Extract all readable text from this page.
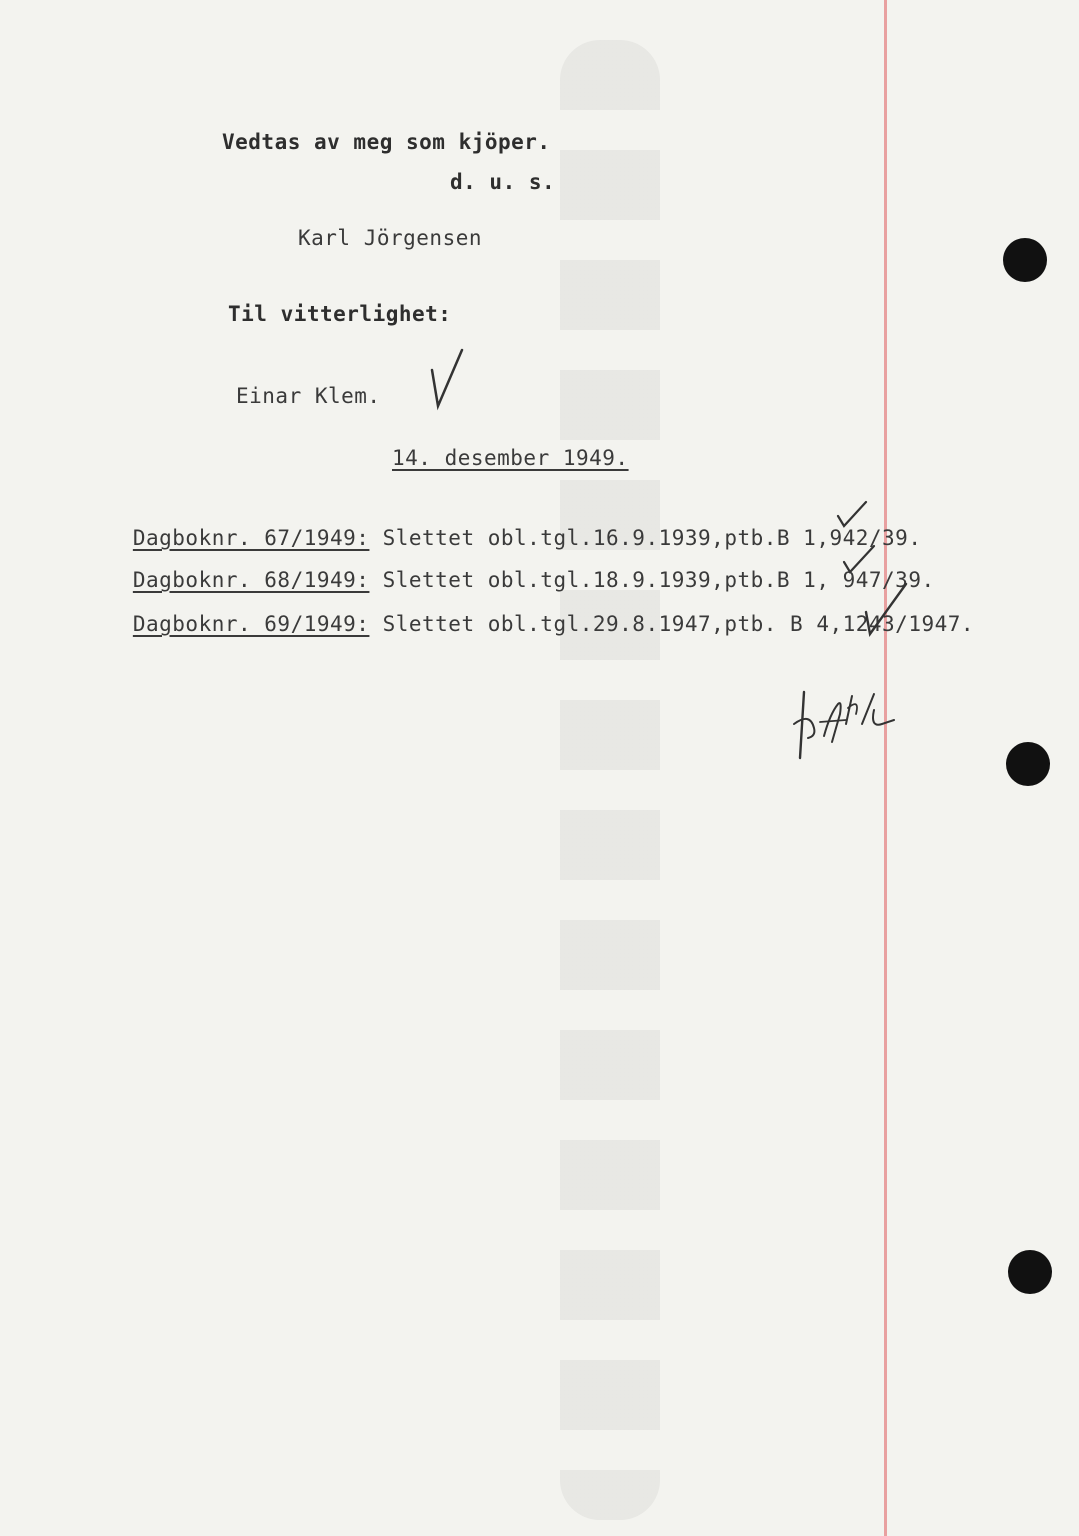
Vedtas av meg som kjöper.
d. u. s.
Karl Jörgensen
Til vitterlighet:
Einar Klem.
14. desember 1949.

Dagboknr. 67/1949: Slettet obl.tgl.16.9.1939,ptb.B 1,942/39.

Dagboknr. 68/1949: Slettet obl.tgl.18.9.1939,ptb.B 1, 947/39.

Dagboknr. 69/1949: Slettet obl.tgl.29.8.1947,ptb. B 4,1243/1947.
